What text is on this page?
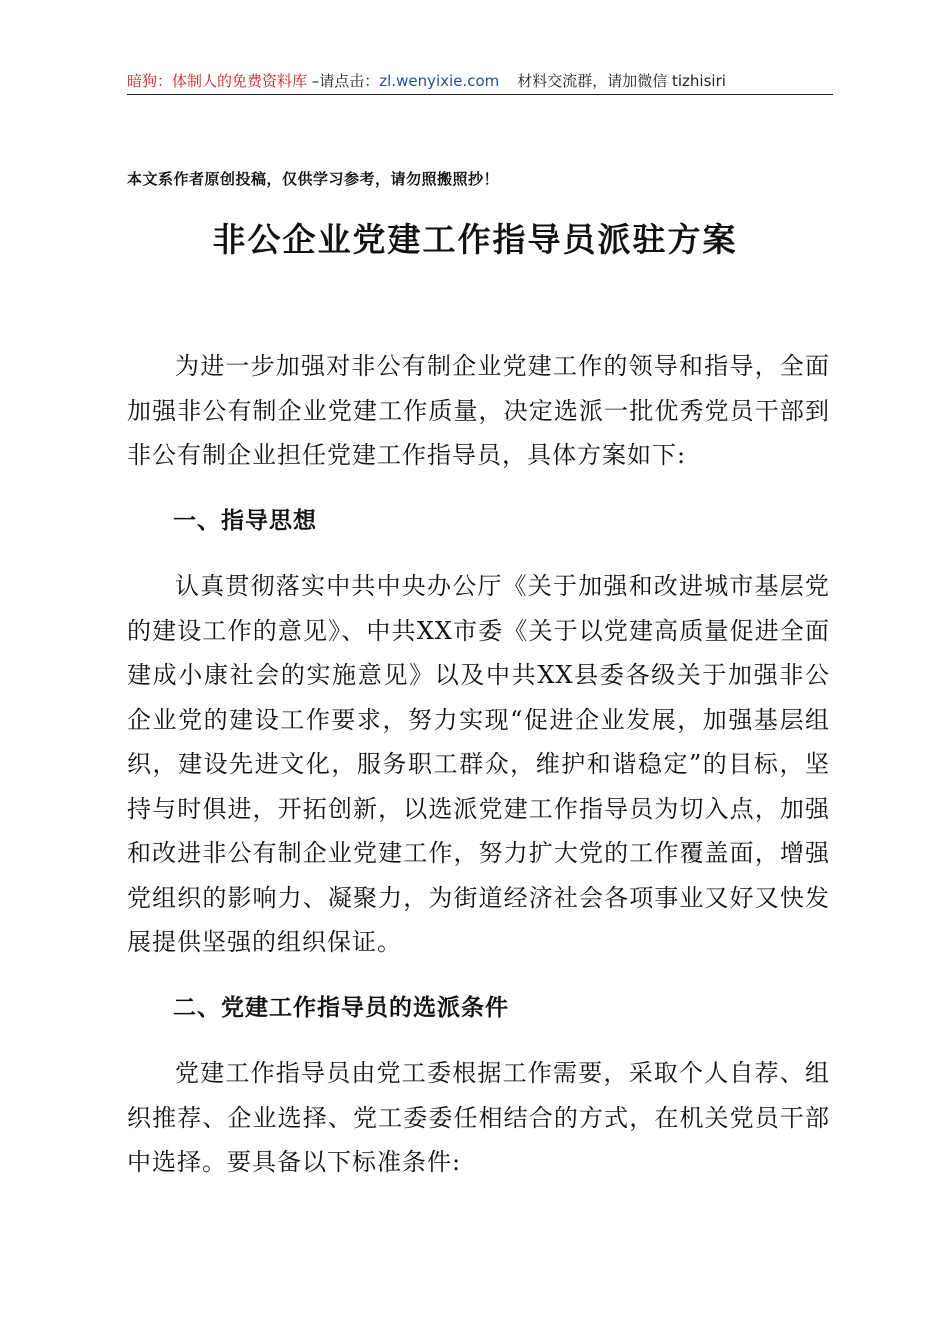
暗狗：体制人的免费资料库 –请点击：zl.wenyixie.com 材料交流群，请加微信 tizhisiri
本文系作者原创投稿，仅供学习参考，请勿照搬照抄！
非公企业党建工作指导员派驻方案

为进一步加强对非公有制企业党建工作的领导和指导，全面加强非公有制企业党建工作质量，决定选派一批优秀党员干部到非公有制企业担任党建工作指导员，具体方案如下:

一、指导思想

认真贯彻落实中共中央办公厅《关于加强和改进城市基层党的建设工作的意见》、中共XX市委《关于以党建高质量促进全面建成小康社会的实施意见》以及中共XX县委各级关于加强非公企业党的建设工作要求，努力实现“促进企业发展，加强基层组织，建设先进文化，服务职工群众，维护和谐稳定”的目标，坚持与时俱进，开拓创新，以选派党建工作指导员为切入点，加强和改进非公有制企业党建工作，努力扩大党的工作覆盖面，增强党组织的影响力、凝聚力，为街道经济社会各项事业又好又快发展提供坚强的组织保证。

二、党建工作指导员的选派条件

党建工作指导员由党工委根据工作需要，采取个人自荐、组织推荐、企业选择、党工委委任相结合的方式，在机关党员干部中选择。要具备以下标准条件:
